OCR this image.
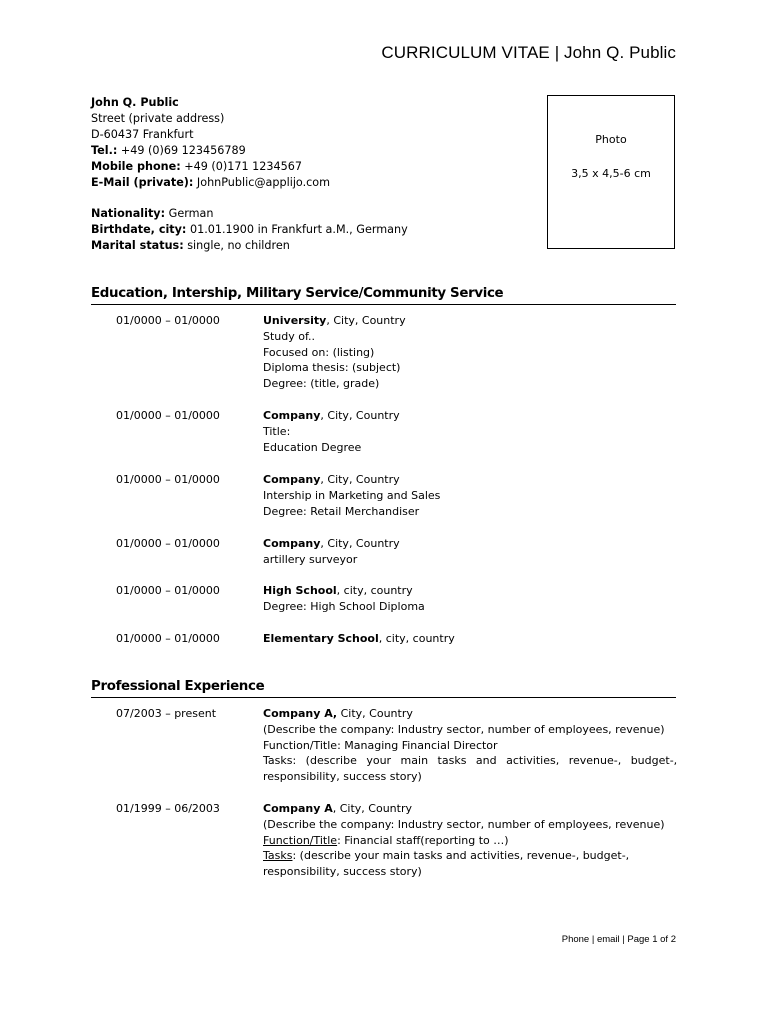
CURRICULUM VITAE | John Q. Public
John Q. Public
Street (private address)
D-60437 Frankfurt
Tel.: +49 (0)69 123456789
Mobile phone: +49 (0)171 1234567
E-Mail (private): JohnPublic@applijo.com
Nationality: German
Birthdate, city: 01.01.1900 in Frankfurt a.M., Germany
Marital status: single, no children
Photo
3,5 x 4,5-6 cm
Education, Intership, Military Service/Community Service
01/0000 – 01/0000	University, City, Country
Study of..
Focused on: (listing)
Diploma thesis: (subject)
Degree: (title, grade)
01/0000 – 01/0000	Company, City, Country
Title:
Education Degree
01/0000 – 01/0000	Company, City, Country
Intership in Marketing and Sales
Degree: Retail Merchandiser
01/0000 – 01/0000	Company, City, Country
artillery surveyor
01/0000 – 01/0000	High School, city, country
Degree: High School Diploma
01/0000 – 01/0000	Elementary School, city, country
Professional Experience
07/2003 – present	Company A, City, Country
(Describe the company: Industry sector, number of employees, revenue)
Function/Title: Managing Financial Director
Tasks: (describe your main tasks and activities, revenue-, budget-,
responsibility, success story)
01/1999 – 06/2003	Company A, City, Country
(Describe the company: Industry sector, number of employees, revenue)
Function/Title: Financial staff(reporting to …)
Tasks: (describe your main tasks and activities, revenue-, budget-,
responsibility, success story)
Phone | email | Page 1 of 2
